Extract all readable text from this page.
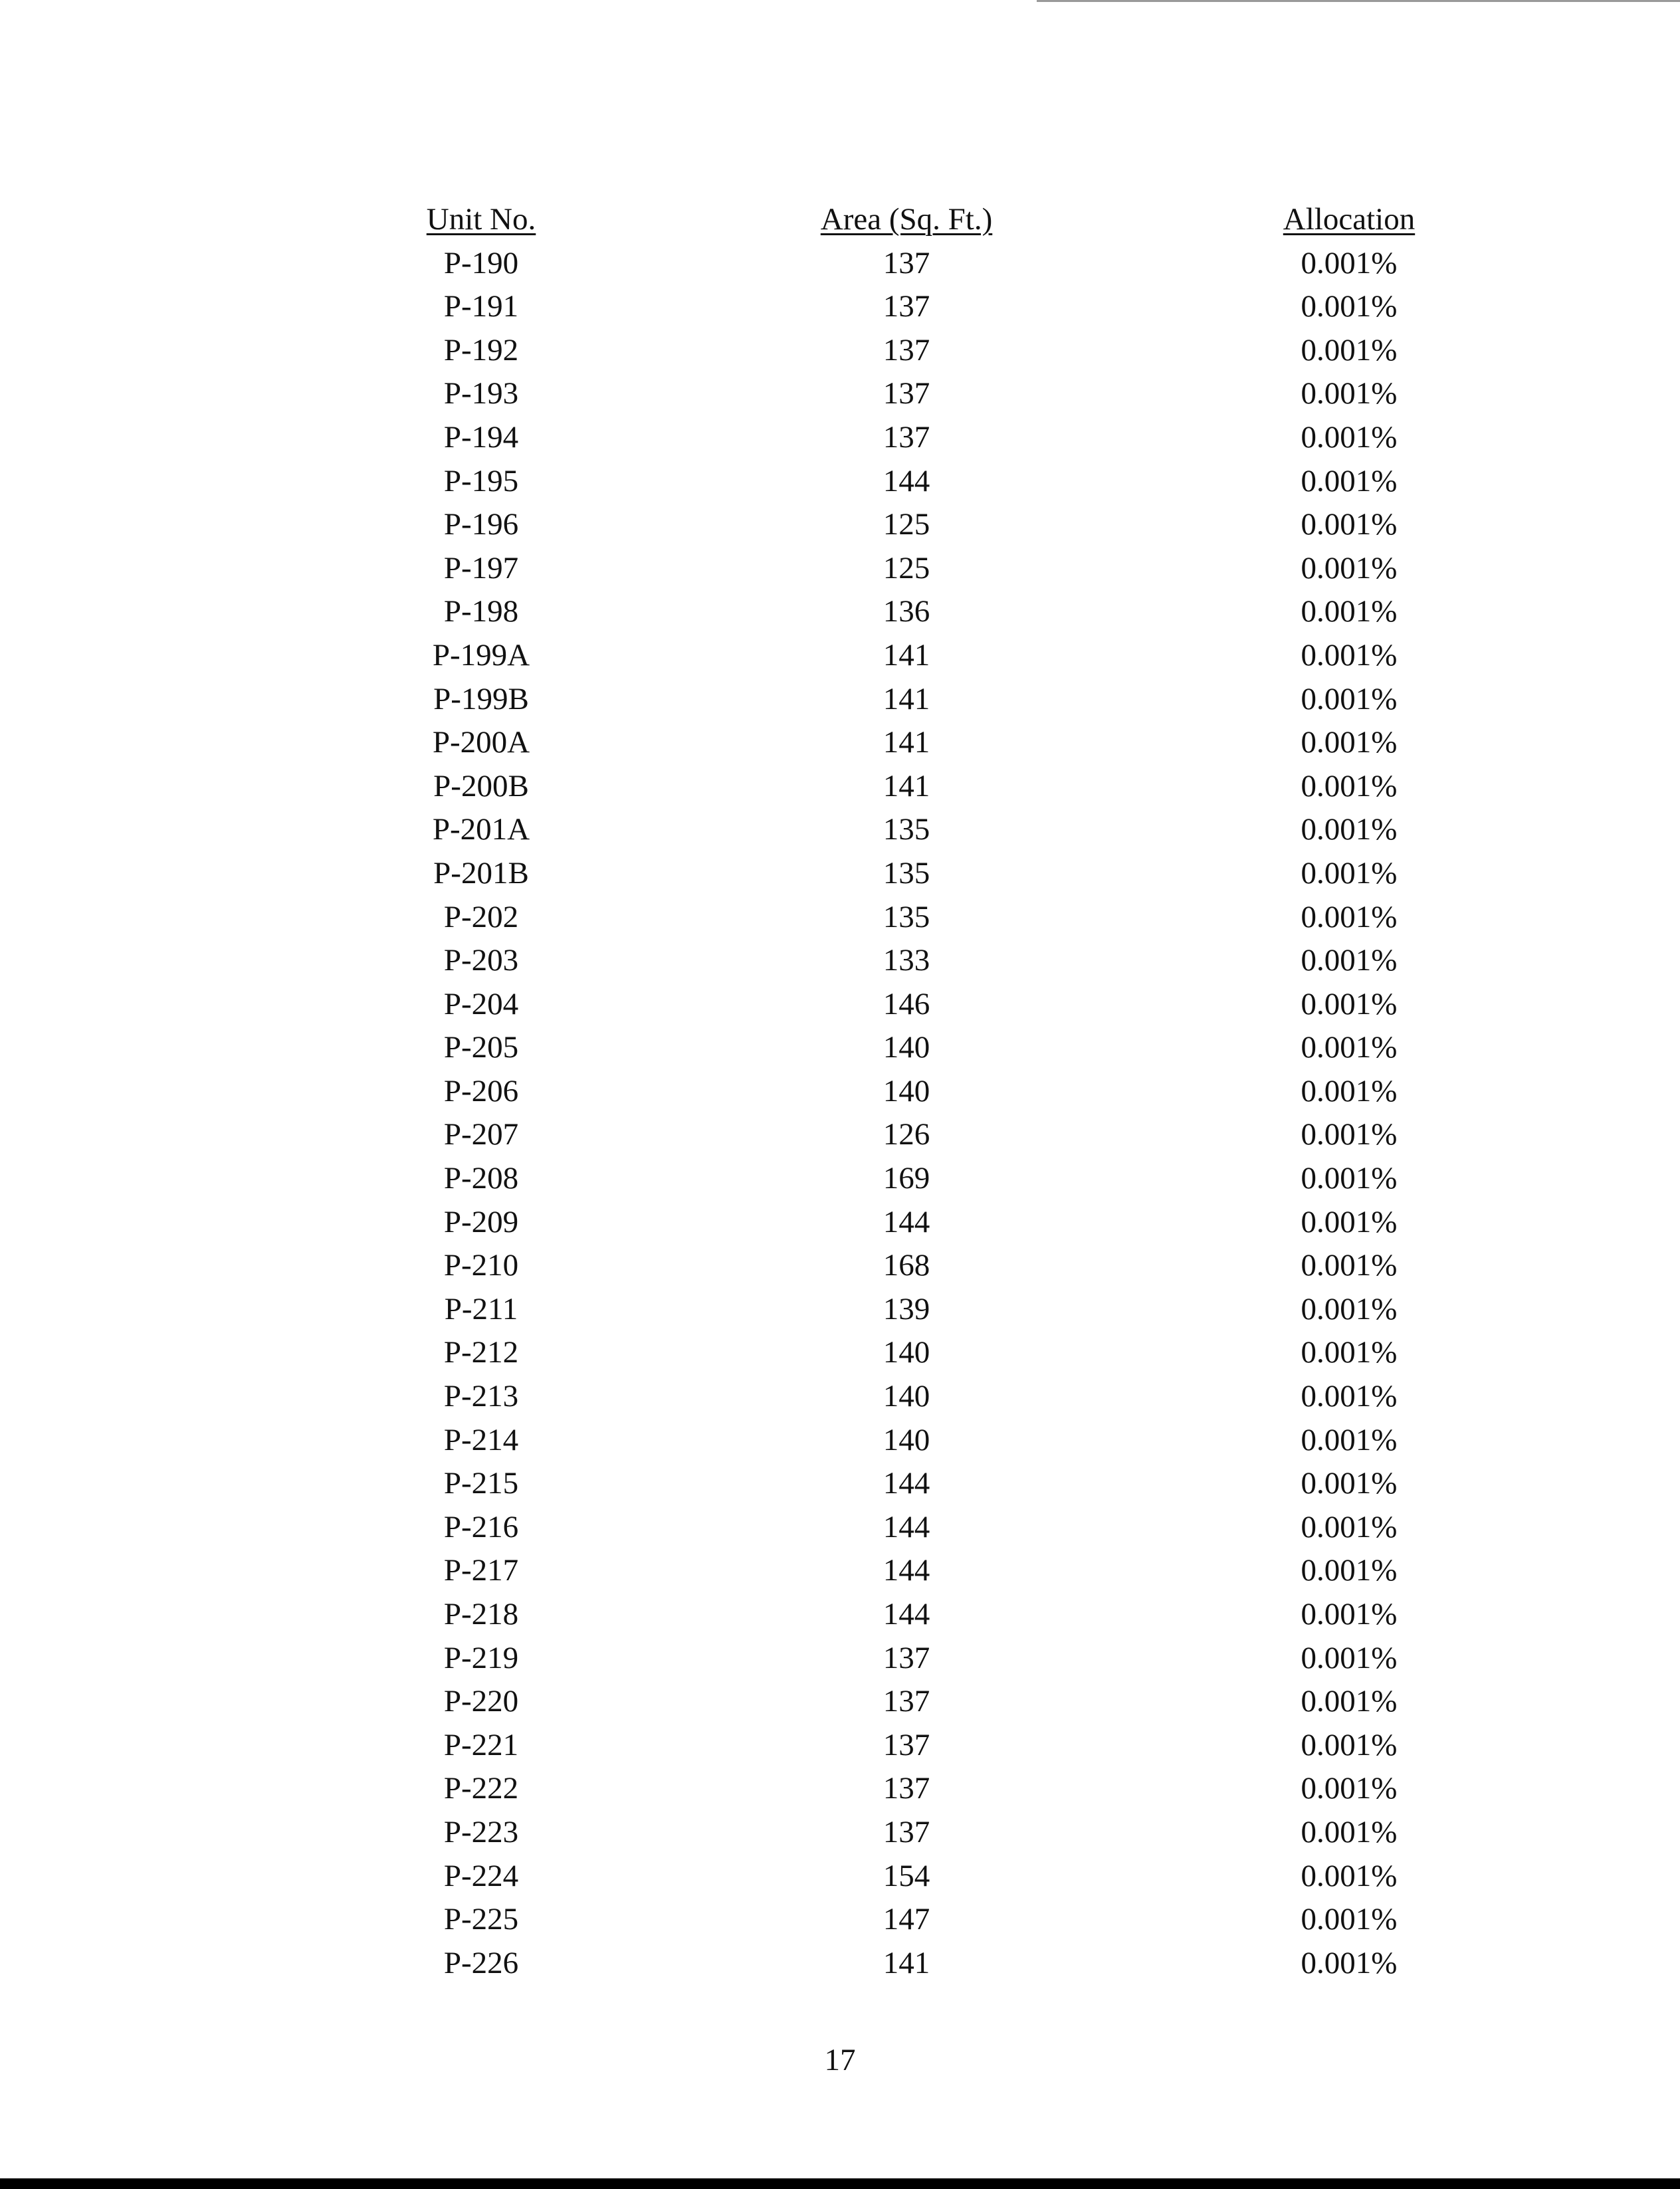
Unit No.	Area (Sq. Ft.)	Allocation
P-190	137	0.001%
P-191	137	0.001%
P-192	137	0.001%
P-193	137	0.001%
P-194	137	0.001%
P-195	144	0.001%
P-196	125	0.001%
P-197	125	0.001%
P-198	136	0.001%
P-199A	141	0.001%
P-199B	141	0.001%
P-200A	141	0.001%
P-200B	141	0.001%
P-201A	135	0.001%
P-201B	135	0.001%
P-202	135	0.001%
P-203	133	0.001%
P-204	146	0.001%
P-205	140	0.001%
P-206	140	0.001%
P-207	126	0.001%
P-208	169	0.001%
P-209	144	0.001%
P-210	168	0.001%
P-211	139	0.001%
P-212	140	0.001%
P-213	140	0.001%
P-214	140	0.001%
P-215	144	0.001%
P-216	144	0.001%
P-217	144	0.001%
P-218	144	0.001%
P-219	137	0.001%
P-220	137	0.001%
P-221	137	0.001%
P-222	137	0.001%
P-223	137	0.001%
P-224	154	0.001%
P-225	147	0.001%
P-226	141	0.001%
17
